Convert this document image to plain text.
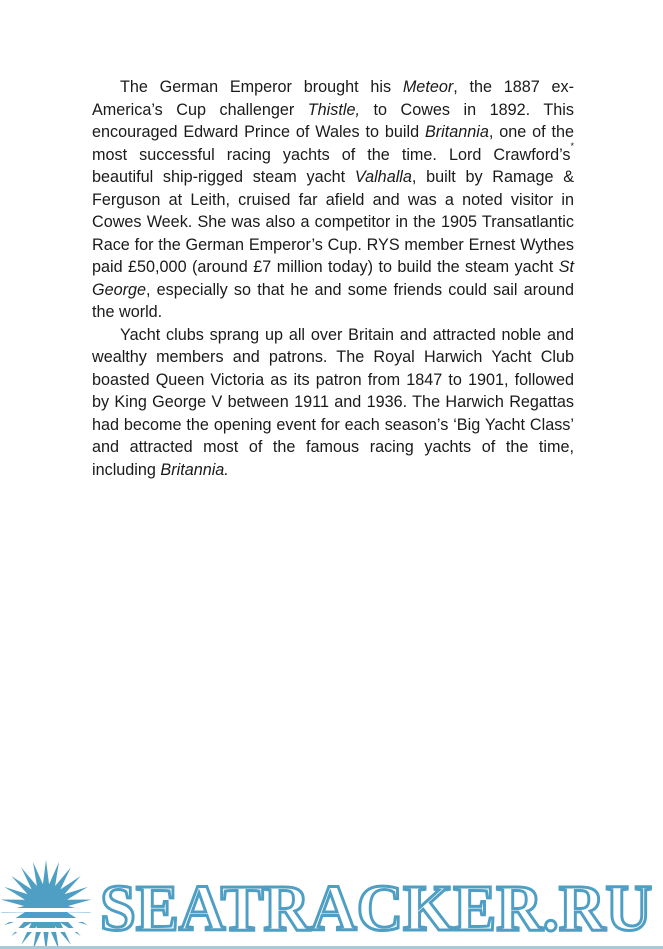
The German Emperor brought his Meteor, the 1887 ex-America’s Cup challenger Thistle, to Cowes in 1892. This encouraged Edward Prince of Wales to build Britannia, one of the most successful racing yachts of the time. Lord Crawford’s* beautiful ship-rigged steam yacht Valhalla, built by Ramage & Ferguson at Leith, cruised far afield and was a noted visitor in Cowes Week. She was also a competitor in the 1905 Transatlantic Race for the German Emperor’s Cup. RYS member Ernest Wythes paid £50,000 (around £7 million today) to build the steam yacht St George, especially so that he and some friends could sail around the world.

Yacht clubs sprang up all over Britain and attracted noble and wealthy members and patrons. The Royal Harwich Yacht Club boasted Queen Victoria as its patron from 1847 to 1901, followed by King George V between 1911 and 1936. The Harwich Regattas had become the opening event for each season’s ‘Big Yacht Class’ and attracted most of the famous racing yachts of the time, including Britannia.

SEATRACKER.RU
